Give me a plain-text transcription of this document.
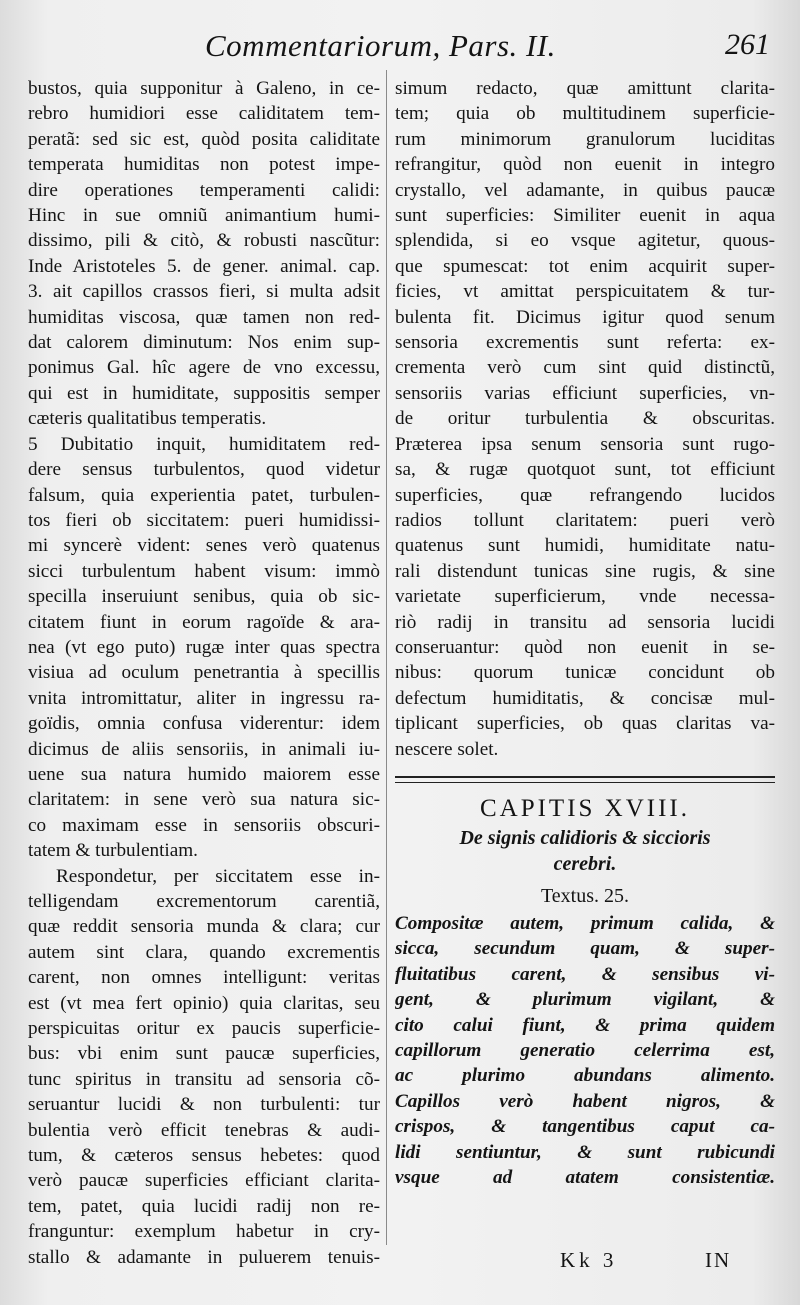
Commentariorum, Pars. II.	261
bustos, quia supponitur à Galeno, in ce-
rebro humidiori esse caliditatem tem-
peratã: sed sic est, quòd posita caliditate
temperata humiditas non potest impe-
dire operationes temperamenti calidi:
Hinc in sue omniũ animantium humi-
dissimo, pili & citò, & robusti nascũtur:
Inde Aristoteles 5. de gener. animal. cap.
3. ait capillos crassos fieri, si multa adsit
humiditas viscosa, quæ tamen non red-
dat calorem diminutum: Nos enim sup-
ponimus Gal. hîc agere de vno excessu,
qui est in humiditate, suppositis semper
cæteris qualitatibus temperatis.
5 Dubitatio inquit, humiditatem red-
dere sensus turbulentos, quod videtur
falsum, quia experientia patet, turbulen-
tos fieri ob siccitatem: pueri humidissi-
mi syncerè vident: senes verò quatenus
sicci turbulentum habent visum: immò
specilla inseruiunt senibus, quia ob sic-
citatem fiunt in eorum ragoïde & ara-
nea (vt ego puto) rugæ inter quas spectra
visiua ad oculum penetrantia à specillis
vnita intromittatur, aliter in ingressu ra-
goïdis, omnia confusa viderentur: idem
dicimus de aliis sensoriis, in animali iu-
uene sua natura humido maiorem esse
claritatem: in sene verò sua natura sic-
co maximam esse in sensoriis obscuri-
tatem & turbulentiam.
Respondetur, per siccitatem esse in-
telligendam excrementorum carentiã,
quæ reddit sensoria munda & clara; cur
autem sint clara, quando excrementis
carent, non omnes intelligunt: veritas
est (vt mea fert opinio) quia claritas, seu
perspicuitas oritur ex paucis superficie-
bus: vbi enim sunt paucæ superficies,
tunc spiritus in transitu ad sensoria cõ-
seruantur lucidi & non turbulenti: tur
bulentia verò efficit tenebras & audi-
tum, & cæteros sensus hebetes: quod
verò paucæ superficies efficiant clarita-
tem, patet, quia lucidi radij non re-
franguntur: exemplum habetur in cry-
stallo & adamante in puluerem tenuis-
simum redacto, quæ amittunt clarita-
tem; quia ob multitudinem superficie-
rum minimorum granulorum luciditas
refrangitur, quòd non euenit in integro
crystallo, vel adamante, in quibus paucæ
sunt superficies: Similiter euenit in aqua
splendida, si eo vsque agitetur, quous-
que spumescat: tot enim acquirit super-
ficies, vt amittat perspicuitatem & tur-
bulenta fit. Dicimus igitur quod senum
sensoria excrementis sunt referta: ex-
crementa verò cum sint quid distinctũ,
sensoriis varias efficiunt superficies, vn-
de oritur turbulentia & obscuritas.
Præterea ipsa senum sensoria sunt rugo-
sa, & rugæ quotquot sunt, tot efficiunt
superficies, quæ refrangendo lucidos
radios tollunt claritatem: pueri verò
quatenus sunt humidi, humiditate natu-
rali distendunt tunicas sine rugis, & sine
varietate superficierum, vnde necessa-
riò radij in transitu ad sensoria lucidi
conseruantur: quòd non euenit in se-
nibus: quorum tunicæ concidunt ob
defectum humiditatis, & concisæ mul-
tiplicant superficies, ob quas claritas va-
nescere solet.
CAPITIS XVIII.
De signis calidioris & siccioris
cerebri.
Textus. 25.
Compositæ autem, primum calida, &
sicca, secundum quam, & super-
fluitatibus carent, & sensibus vi-
gent, & plurimum vigilant, &
cito calui fiunt, & prima quidem
capillorum generatio celerrima est,
ac plurimo abundans alimento.
Capillos verò habent nigros, &
crispos, & tangentibus caput ca-
lidi sentiuntur, & sunt rubicundi
vsque ad atatem consistentiæ.
Kk 3	IN
